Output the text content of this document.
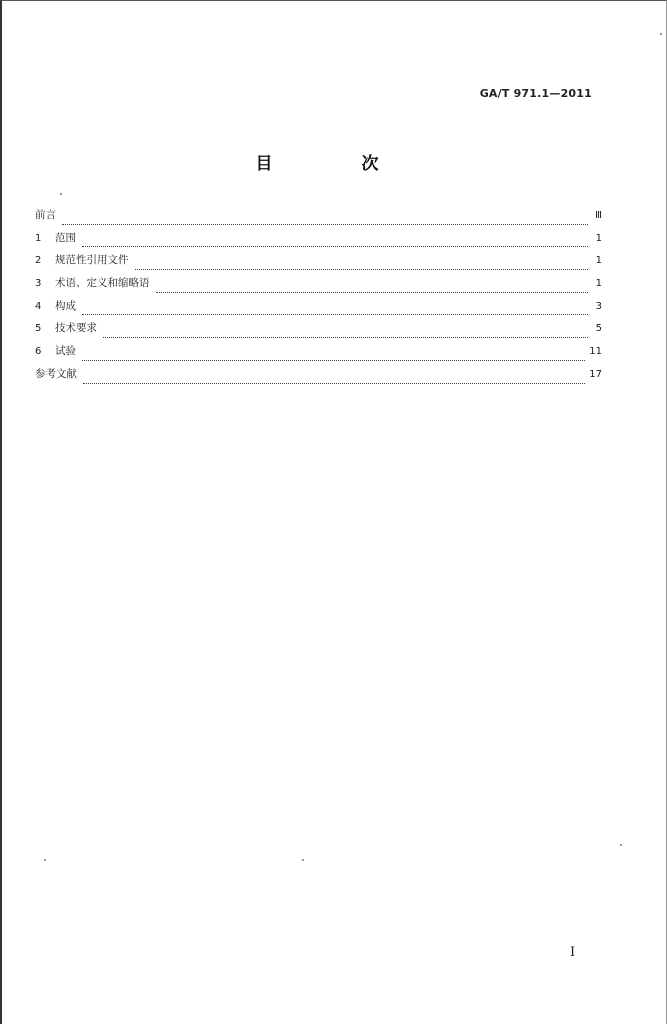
GA/T 971.1—2011
目　次
前言	Ⅲ
1	范围	1
2	规范性引用文件	1
3	术语、定义和缩略语	1
4	构成	3
5	技术要求	5
6	试验	11
参考文献	17
I
